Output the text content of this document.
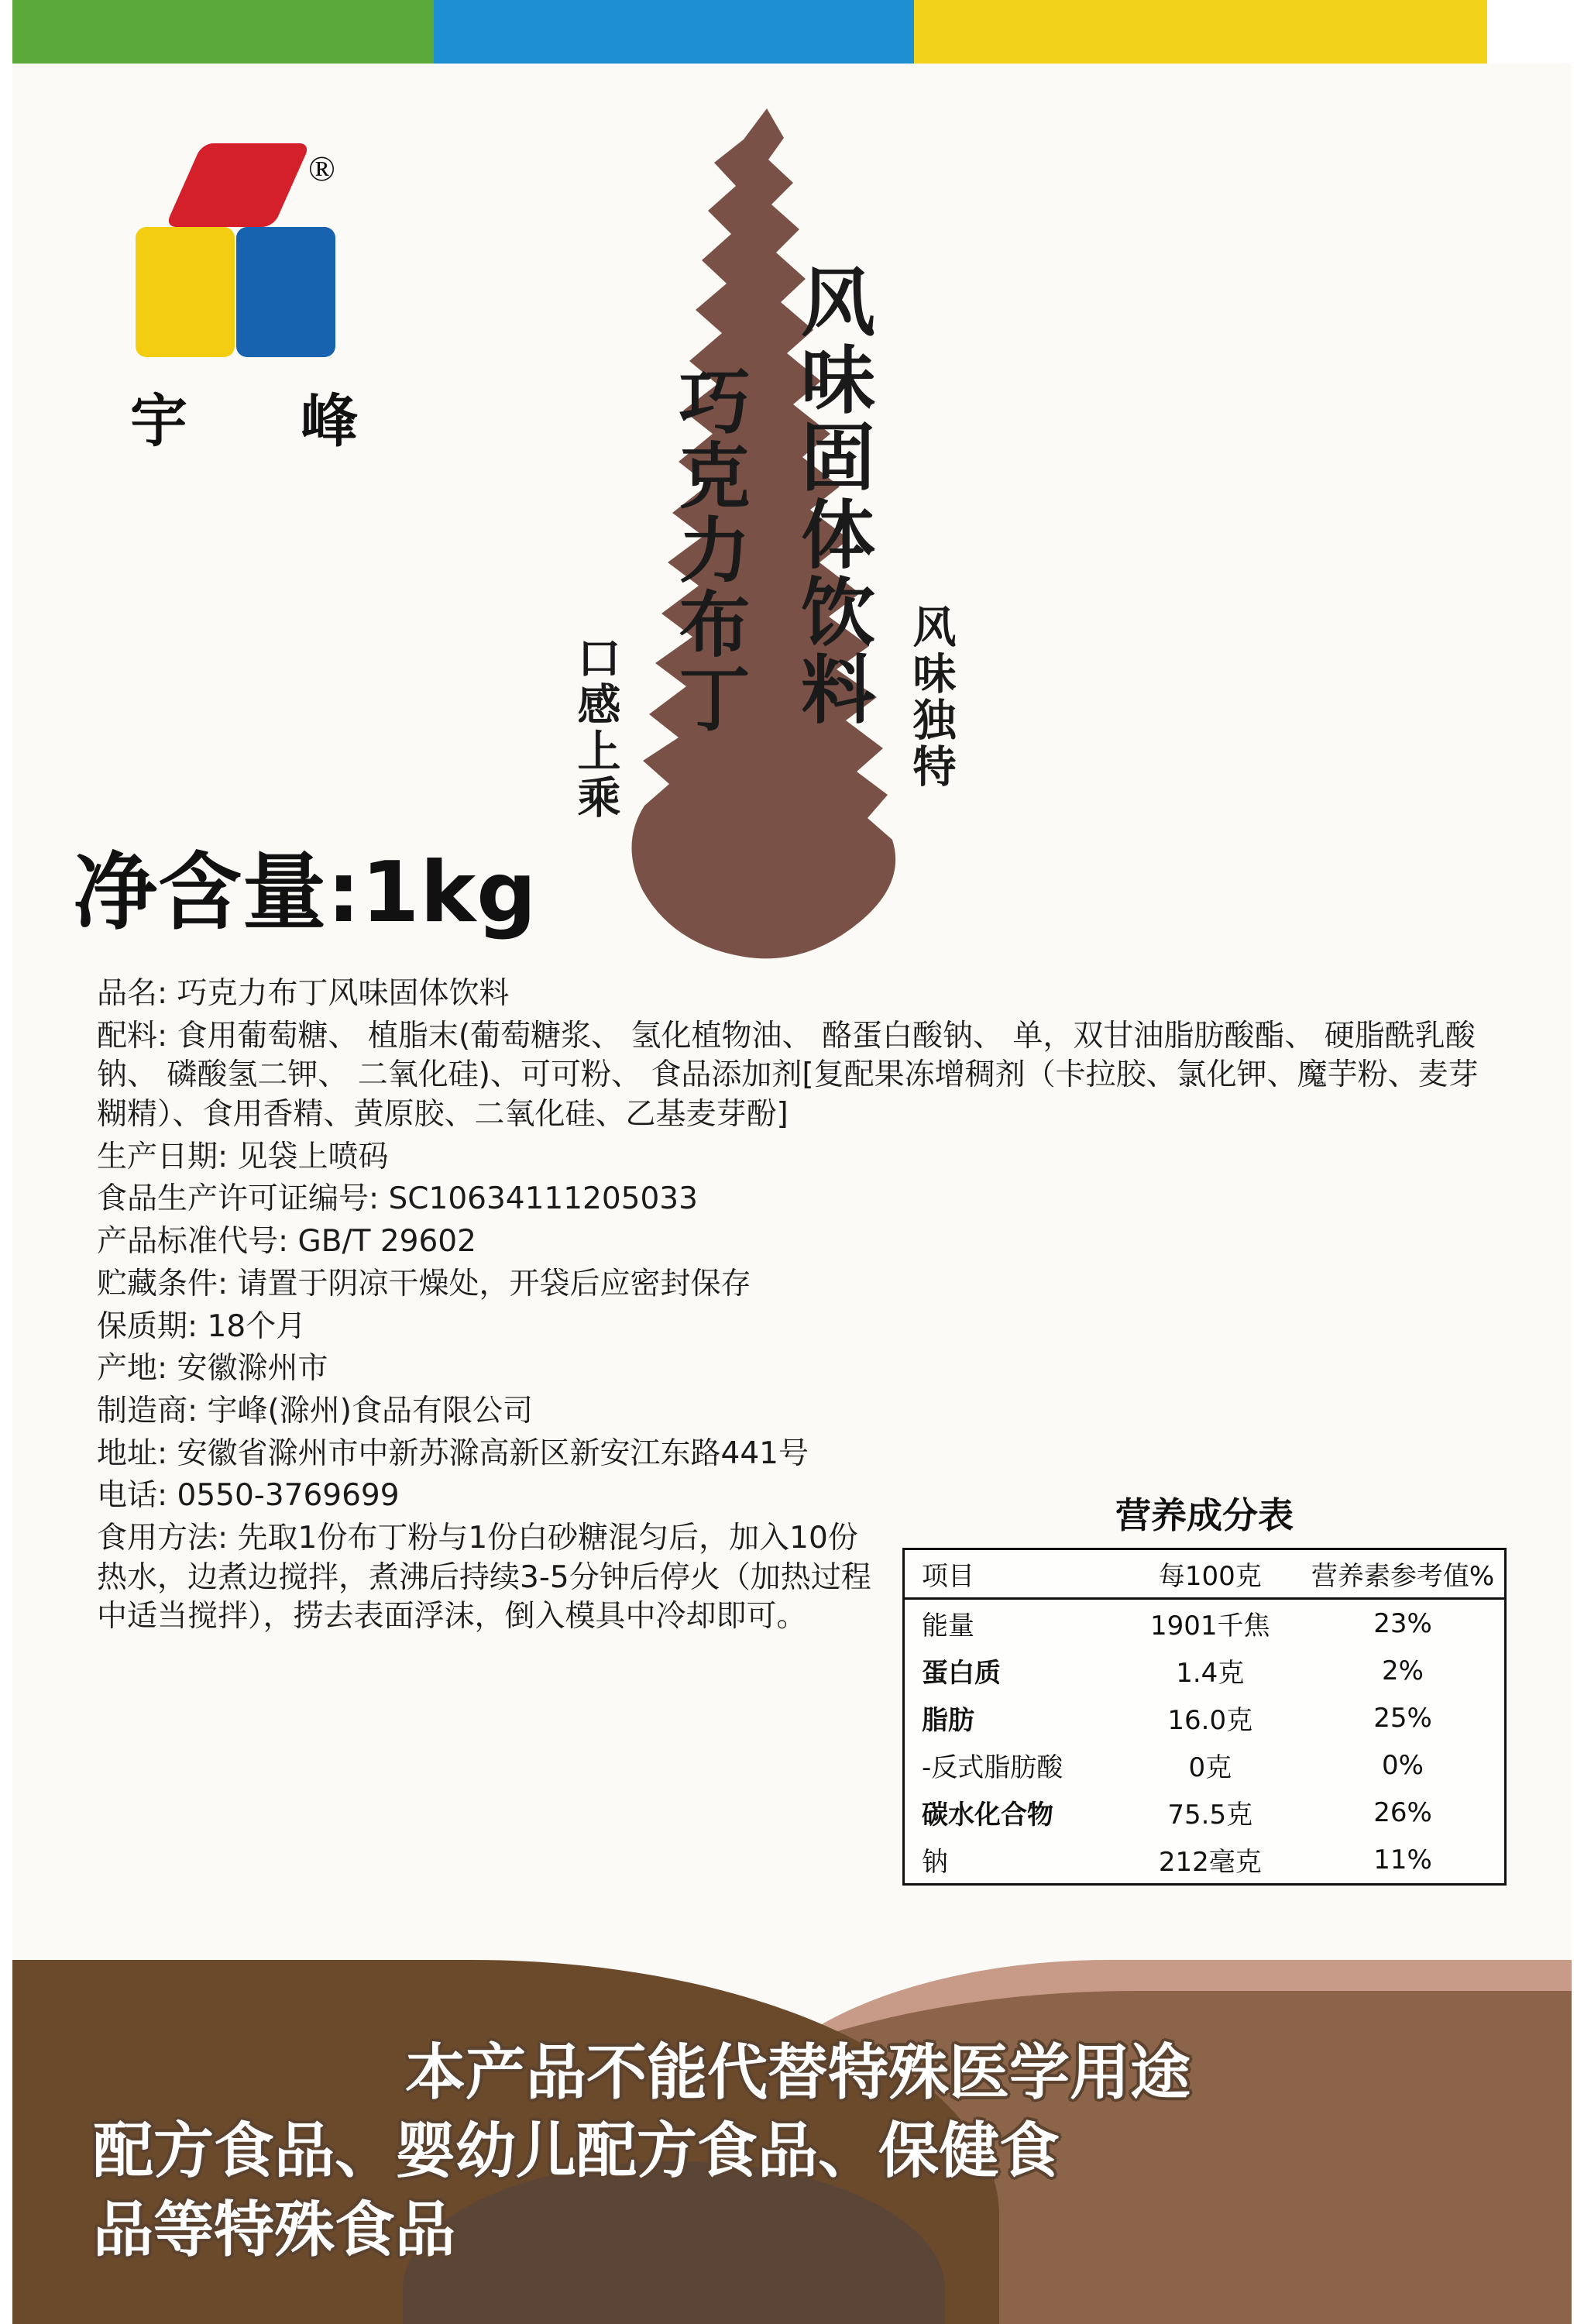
®
宇 峰
风味独特
风味固体饮料
巧克力布丁
口感上乘
净含量:1kg

品名: 巧克力布丁风味固体饮料

配料: 食用葡萄糖、 植脂末(葡萄糖浆、 氢化植物油、 酪蛋白酸钠、 单，双甘油脂肪酸酯、 硬脂酰乳酸钠、 磷酸氢二钾、 二氧化硅)、可可粉、 食品添加剂[复配果冻增稠剂（卡拉胶、氯化钾、魔芋粉、麦芽糊精）、食用香精、黄原胶、二氧化硅、乙基麦芽酚]

生产日期: 见袋上喷码

食品生产许可证编号: SC10634111205033

产品标准代号: GB/T 29602

贮藏条件: 请置于阴凉干燥处，开袋后应密封保存

保质期: 18个月

产地: 安徽滁州市

制造商: 宇峰(滁州)食品有限公司

地址: 安徽省滁州市中新苏滁高新区新安江东路441号

电话: 0550-3769699

食用方法: 先取1份布丁粉与1份白砂糖混匀后，加入10份热水，边煮边搅拌，煮沸后持续3-5分钟后停火（加热过程中适当搅拌），捞去表面浮沫，倒入模具中冷却即可。

营养成分表
项目	每100克	营养素参考值%
能量	1901千焦	23%
蛋白质	1.4克	2%
脂肪	16.0克	25%
-反式脂肪酸	0克	0%
碳水化合物	75.5克	26%
钠	212毫克	11%
本产品不能代替特殊医学用途
配方食品、婴幼儿配方食品、保健食
品等特殊食品
